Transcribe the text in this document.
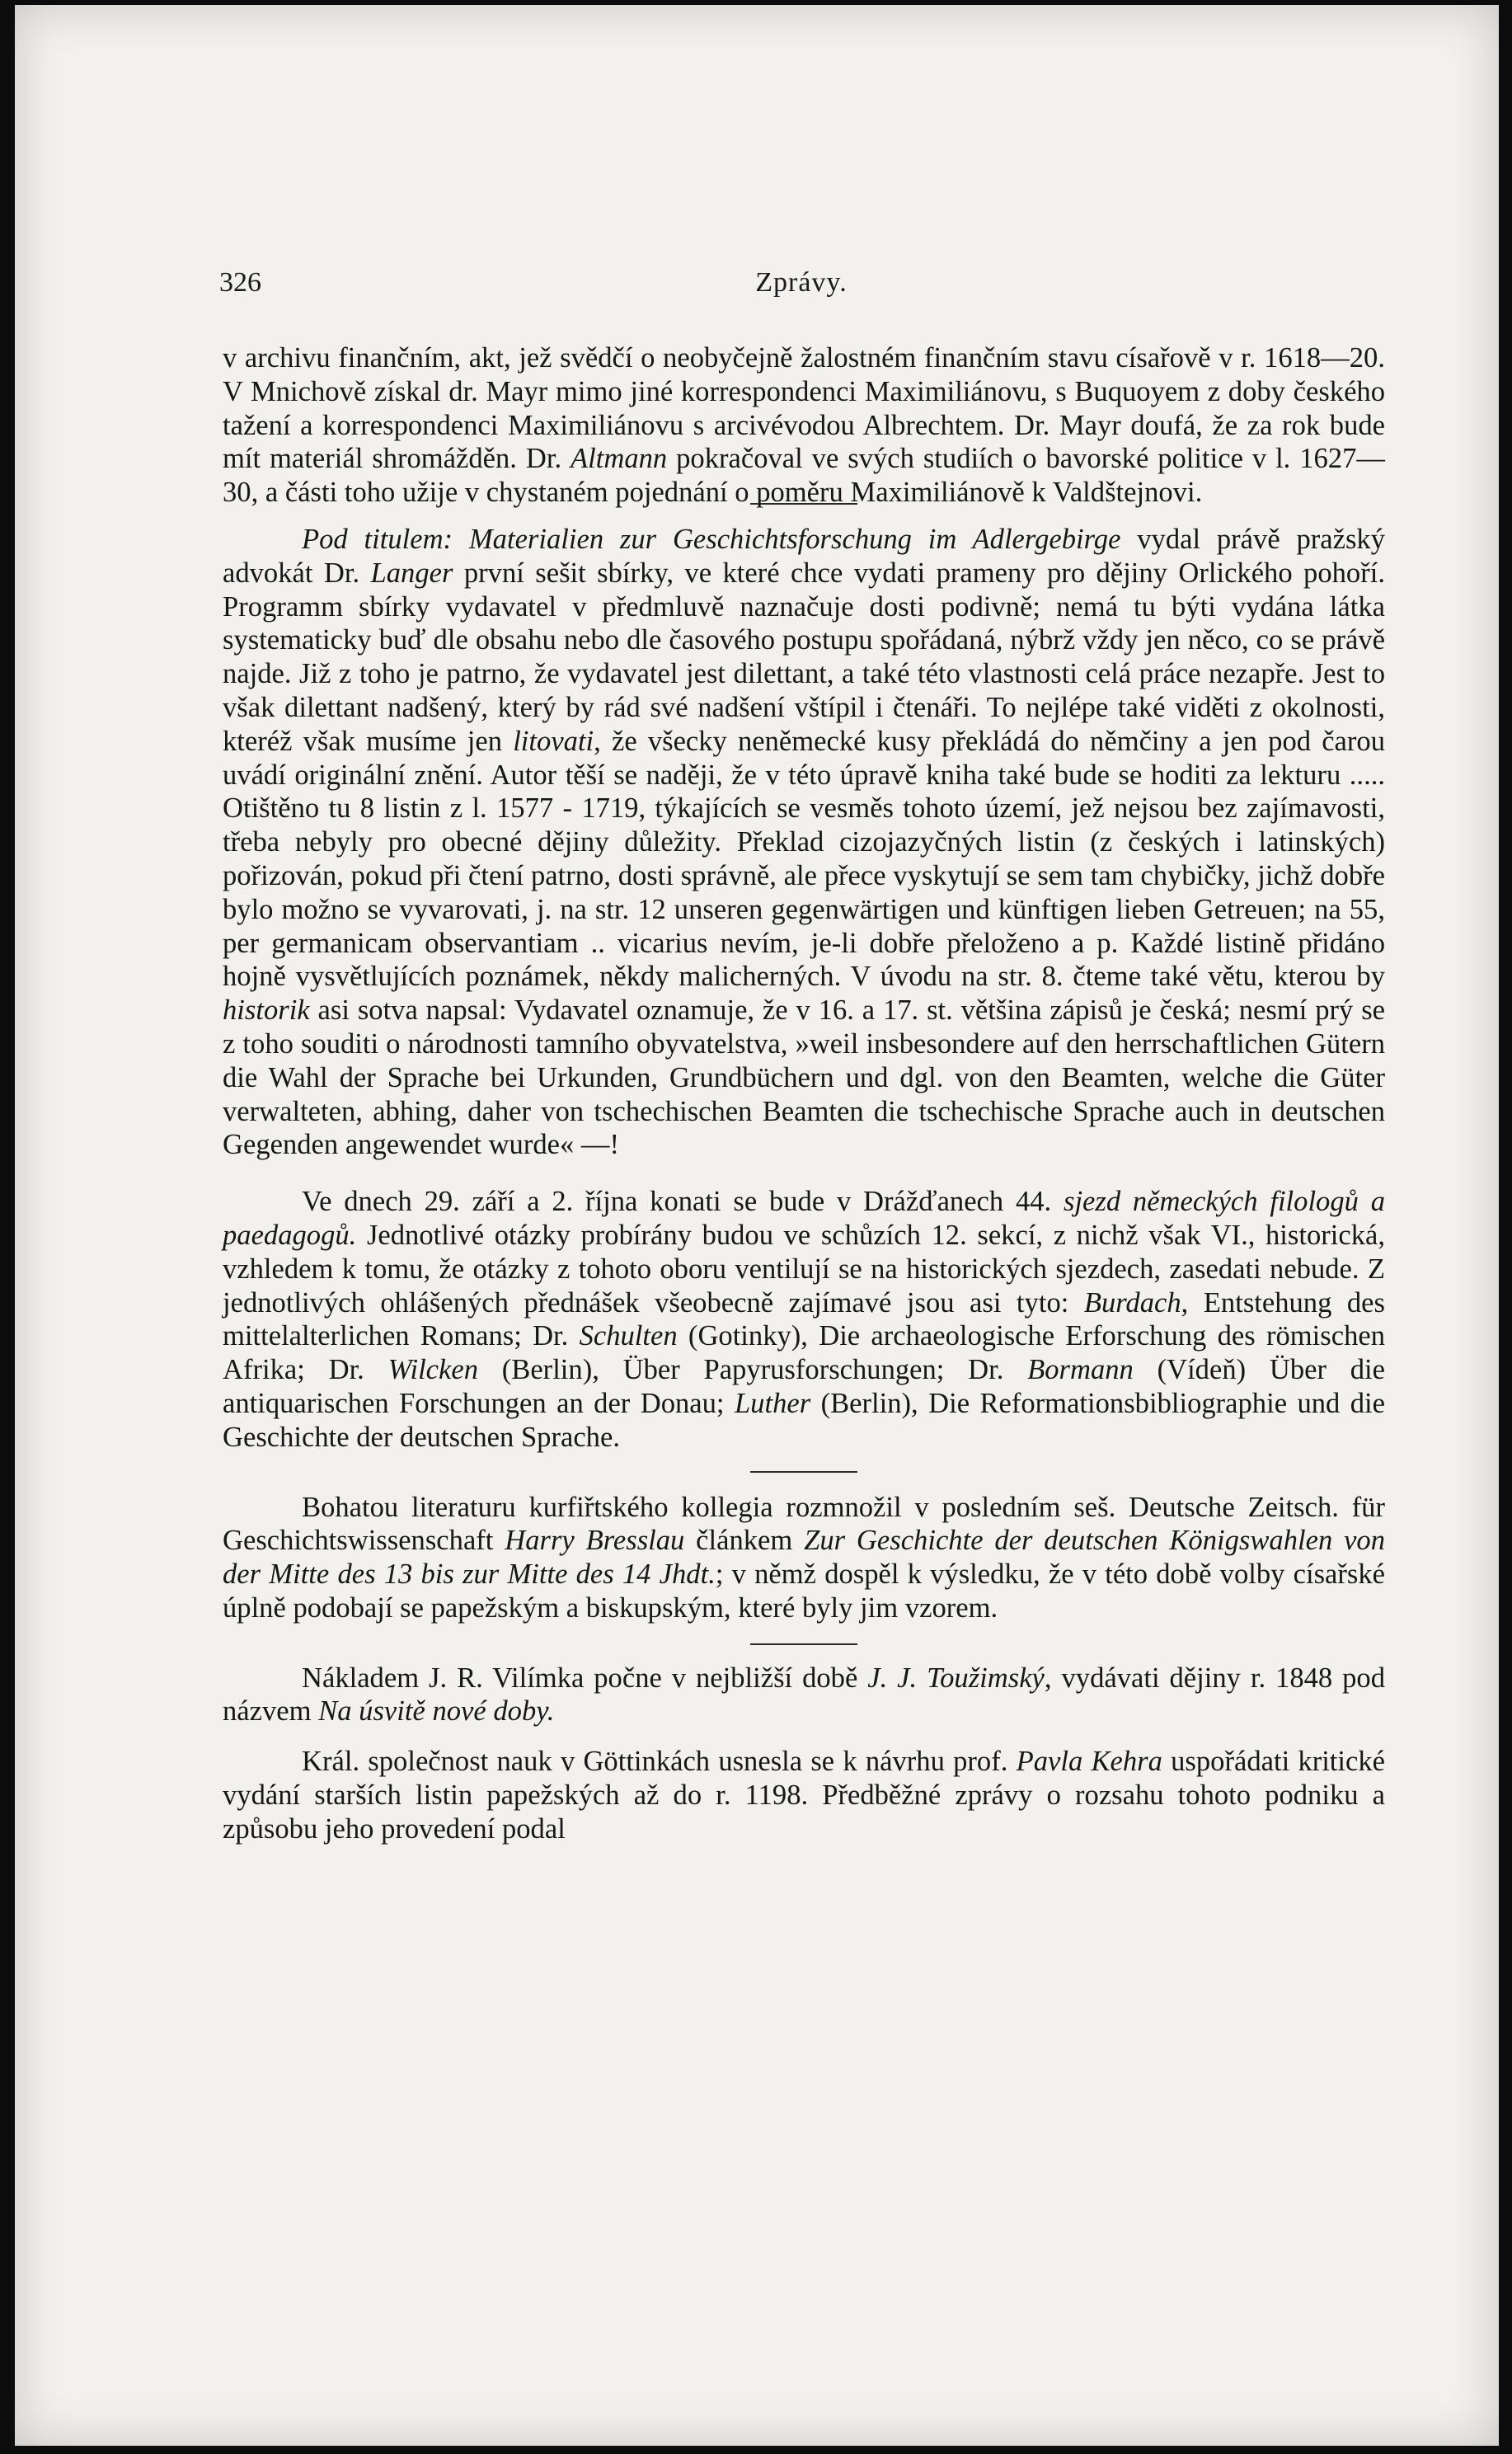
326	Zprávy.

v archivu finančním, akt, jež svědčí o neobyčejně žalostném finančním stavu císařově v r. 1618—20. V Mnichově získal dr. Mayr mimo jiné korrespondenci Maximiliánovu, s Buquoyem z doby českého tažení a korrespondenci Maximiliánovu s arcivévodou Albrechtem. Dr. Mayr doufá, že za rok bude mít materiál shromážděn. Dr. Altmann pokračoval ve svých studiích o bavorské politice v l. 1627—30, a části toho užije v chystaném pojednání o poměru Maximiliánově k Valdštejnovi.

Pod titulem: Materialien zur Geschichtsforschung im Adlergebirge vydal právě pražský advokát Dr. Langer první sešit sbírky, ve které chce vydati prameny pro dějiny Orlického pohoří. Programm sbírky vydavatel v předmluvě naznačuje dosti podivně; nemá tu býti vydána látka systematicky buď dle obsahu nebo dle časového postupu spořádaná, nýbrž vždy jen něco, co se právě najde. Již z toho je patrno, že vydavatel jest dilettant, a také této vlastnosti celá práce nezapře. Jest to však dilettant nadšený, který by rád své nadšení vštípil i čtenáři. To nejlépe také viděti z okolnosti, kteréž však musíme jen litovati, že všecky neněmecké kusy překládá do němčiny a jen pod čarou uvádí originální znění. Autor těší se naději, že v této úpravě kniha také bude se hoditi za lekturu ..... Otištěno tu 8 listin z l. 1577 - 1719, týkajících se vesměs tohoto území, jež nejsou bez zajímavosti, třeba nebyly pro obecné dějiny důležity. Překlad cizojazyčných listin (z českých i latinských) pořizován, pokud při čtení patrno, dosti správně, ale přece vyskytují se sem tam chybičky, jichž dobře bylo možno se vyvarovati, j. na str. 12 unseren gegenwärtigen und künftigen lieben Getreuen; na 55, per germanicam observantiam .. vicarius nevím, je-li dobře přeloženo a p. Každé listině přidáno hojně vysvětlujících poznámek, někdy malicherných. V úvodu na str. 8. čteme také větu, kterou by historik asi sotva napsal: Vydavatel oznamuje, že v 16. a 17. st. většina zápisů je česká; nesmí prý se z toho souditi o národnosti tamního obyvatelstva, »weil insbesondere auf den herrschaftlichen Gütern die Wahl der Sprache bei Urkunden, Grundbüchern und dgl. von den Beamten, welche die Güter verwalteten, abhing, daher von tschechischen Beamten die tschechische Sprache auch in deutschen Gegenden angewendet wurde« —!

Ve dnech 29. září a 2. října konati se bude v Drážďanech 44. sjezd německých filologů a paedagogů. Jednotlivé otázky probírány budou ve schůzích 12. sekcí, z nichž však VI., historická, vzhledem k tomu, že otázky z tohoto oboru ventilují se na historických sjezdech, zasedati nebude. Z jednotlivých ohlášených přednášek všeobecně zajímavé jsou asi tyto: Burdach, Entstehung des mittelalterlichen Romans; Dr. Schulten (Gotinky), Die archaeologische Erforschung des römischen Afrika; Dr. Wilcken (Berlin), Über Papyrusforschungen; Dr. Bormann (Vídeň) Über die antiquarischen Forschungen an der Donau; Luther (Berlin), Die Reformationsbibliographie und die Geschichte der deutschen Sprache.

Bohatou literaturu kurfiřtského kollegia rozmnožil v posledním seš. Deutsche Zeitsch. für Geschichtswissenschaft Harry Bresslau článkem Zur Geschichte der deutschen Königswahlen von der Mitte des 13 bis zur Mitte des 14 Jhdt.; v němž dospěl k výsledku, že v této době volby císařské úplně podobají se papežským a biskupským, které byly jim vzorem.

Nákladem J. R. Vilímka počne v nejbližší době J. J. Toužimský, vydávati dějiny r. 1848 pod názvem Na úsvitě nové doby.

Král. společnost nauk v Göttinkách usnesla se k návrhu prof. Pavla Kehra uspořádati kritické vydání starších listin papežských až do r. 1198. Předběžné zprávy o rozsahu tohoto podniku a způsobu jeho provedení podal
